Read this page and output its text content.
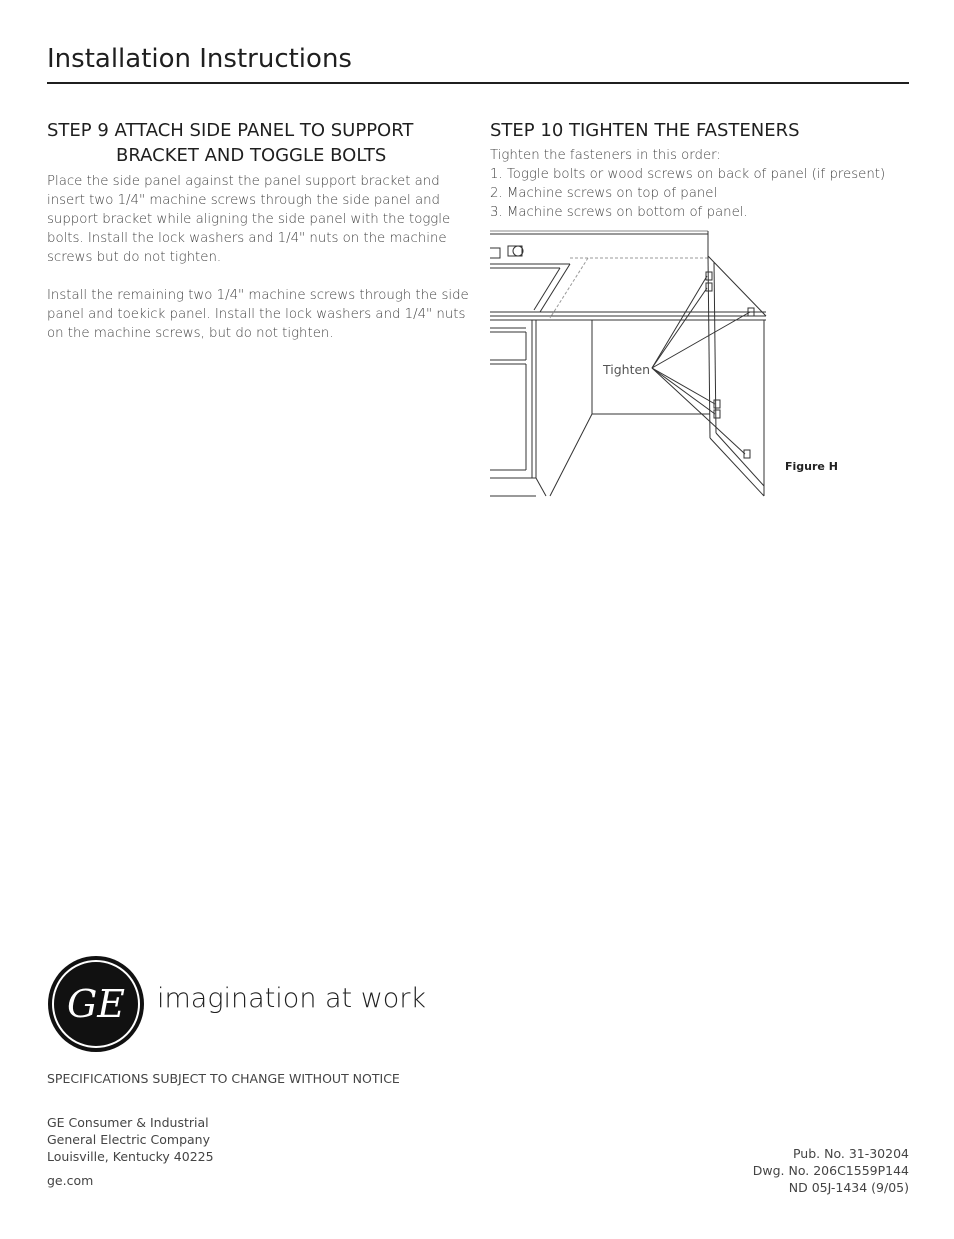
Installation Instructions
STEP 9 ATTACH SIDE PANEL TO SUPPORT
BRACKET AND TOGGLE BOLTS

Place the side panel against the panel support bracket and insert two 1/4" machine screws through the side panel and support bracket while aligning the side panel with the toggle bolts. Install the lock washers and 1/4" nuts on the machine screws but do not tighten.

Install the remaining two 1/4" machine screws through the side panel and toekick panel. Install the lock washers and 1/4" nuts on the machine screws, but do not tighten.

STEP 10 TIGHTEN THE FASTENERS
Tighten the fasteners in this order:
1. Toggle bolts or wood screws on back of panel (if present)
2. Machine screws on top of panel
3. Machine screws on bottom of panel.
Tighten
Figure H
GE imagination at work
SPECIFICATIONS SUBJECT TO CHANGE WITHOUT NOTICE
GE Consumer & Industrial
General Electric Company
Louisville, Kentucky 40225
ge.com
Pub. No. 31-30204
Dwg. No. 206C1559P144
ND 05J-1434 (9/05)
